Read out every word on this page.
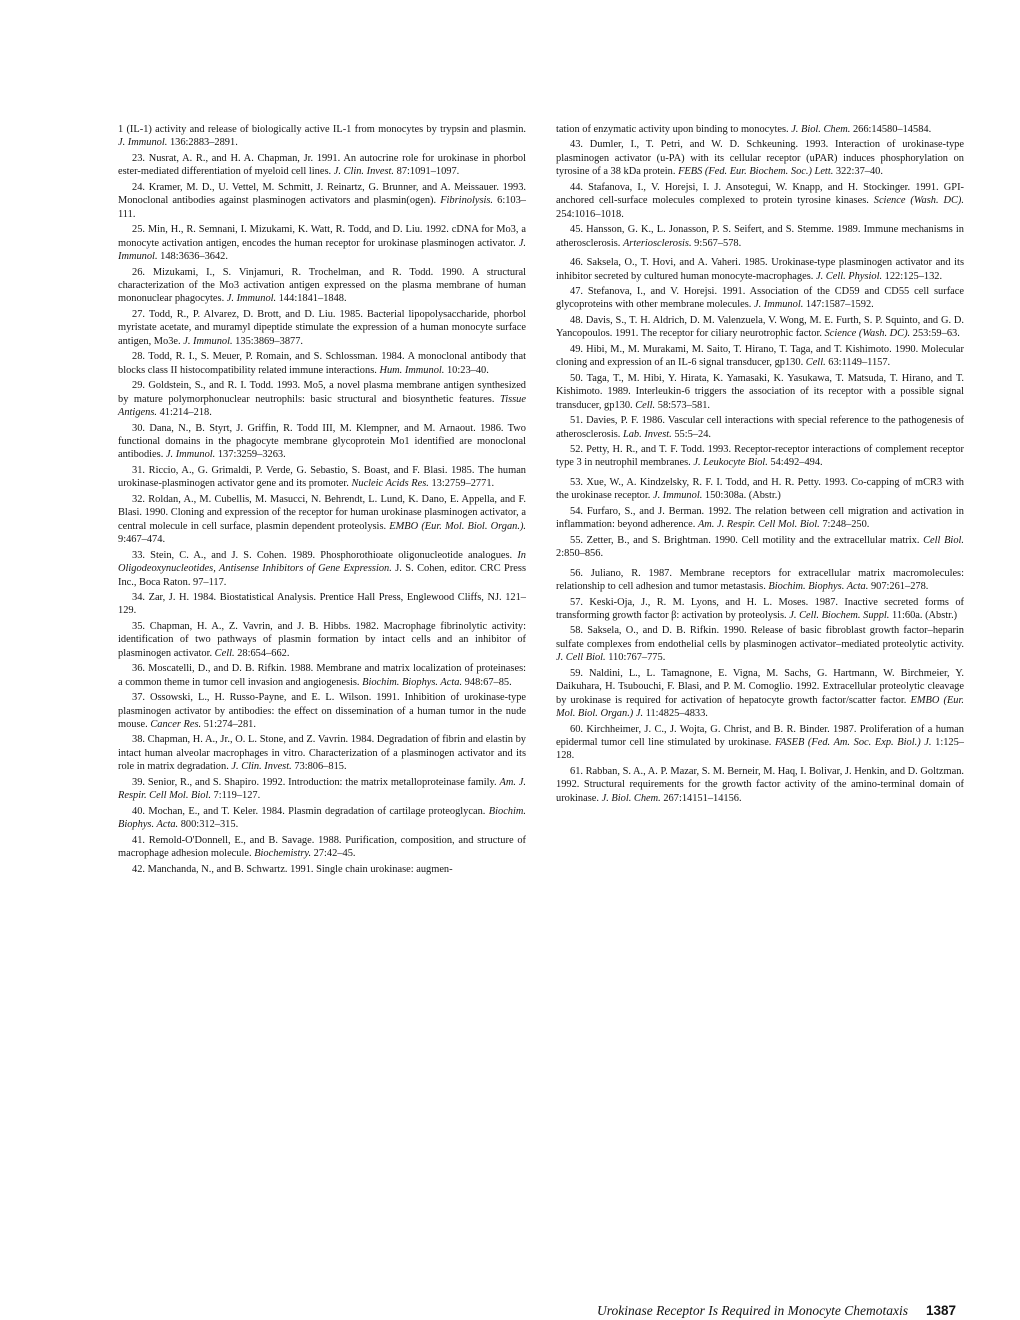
1 (IL-1) activity and release of biologically active IL-1 from monocytes by trypsin and plasmin. J. Immunol. 136:2883–2891.

23. Nusrat, A. R., and H. A. Chapman, Jr. 1991. An autocrine role for urokinase in phorbol ester-mediated differentiation of myeloid cell lines. J. Clin. Invest. 87:1091–1097.

24. Kramer, M. D., U. Vettel, M. Schmitt, J. Reinartz, G. Brunner, and A. Meissauer. 1993. Monoclonal antibodies against plasminogen activators and plasmin(ogen). Fibrinolysis. 6:103–111.

25. Min, H., R. Semnani, I. Mizukami, K. Watt, R. Todd, and D. Liu. 1992. cDNA for Mo3, a monocyte activation antigen, encodes the human receptor for urokinase plasminogen activator. J. Immunol. 148:3636–3642.

26. Mizukami, I., S. Vinjamuri, R. Trochelman, and R. Todd. 1990. A structural characterization of the Mo3 activation antigen expressed on the plasma membrane of human mononuclear phagocytes. J. Immunol. 144:1841–1848.

27. Todd, R., P. Alvarez, D. Brott, and D. Liu. 1985. Bacterial lipopolysaccharide, phorbol myristate acetate, and muramyl dipeptide stimulate the expression of a human monocyte surface antigen, Mo3e. J. Immunol. 135:3869–3877.

28. Todd, R. I., S. Meuer, P. Romain, and S. Schlossman. 1984. A monoclonal antibody that blocks class II histocompatibility related immune interactions. Hum. Immunol. 10:23–40.

29. Goldstein, S., and R. I. Todd. 1993. Mo5, a novel plasma membrane antigen synthesized by mature polymorphonuclear neutrophils: basic structural and biosynthetic features. Tissue Antigens. 41:214–218.

30. Dana, N., B. Styrt, J. Griffin, R. Todd III, M. Klempner, and M. Arnaout. 1986. Two functional domains in the phagocyte membrane glycoprotein Mo1 identified are monoclonal antibodies. J. Immunol. 137:3259–3263.

31. Riccio, A., G. Grimaldi, P. Verde, G. Sebastio, S. Boast, and F. Blasi. 1985. The human urokinase-plasminogen activator gene and its promoter. Nucleic Acids Res. 13:2759–2771.

32. Roldan, A., M. Cubellis, M. Masucci, N. Behrendt, L. Lund, K. Dano, E. Appella, and F. Blasi. 1990. Cloning and expression of the receptor for human urokinase plasminogen activator, a central molecule in cell surface, plasmin dependent proteolysis. EMBO (Eur. Mol. Biol. Organ.). 9:467–474.

33. Stein, C. A., and J. S. Cohen. 1989. Phosphorothioate oligonucleotide analogues. In Oligodeoxynucleotides, Antisense Inhibitors of Gene Expression. J. S. Cohen, editor. CRC Press Inc., Boca Raton. 97–117.

34. Zar, J. H. 1984. Biostatistical Analysis. Prentice Hall Press, Englewood Cliffs, NJ. 121–129.

35. Chapman, H. A., Z. Vavrin, and J. B. Hibbs. 1982. Macrophage fibrinolytic activity: identification of two pathways of plasmin formation by intact cells and an inhibitor of plasminogen activator. Cell. 28:654–662.

36. Moscatelli, D., and D. B. Rifkin. 1988. Membrane and matrix localization of proteinases: a common theme in tumor cell invasion and angiogenesis. Biochim. Biophys. Acta. 948:67–85.

37. Ossowski, L., H. Russo-Payne, and E. L. Wilson. 1991. Inhibition of urokinase-type plasminogen activator by antibodies: the effect on dissemination of a human tumor in the nude mouse. Cancer Res. 51:274–281.

38. Chapman, H. A., Jr., O. L. Stone, and Z. Vavrin. 1984. Degradation of fibrin and elastin by intact human alveolar macrophages in vitro. Characterization of a plasminogen activator and its role in matrix degradation. J. Clin. Invest. 73:806–815.

39. Senior, R., and S. Shapiro. 1992. Introduction: the matrix metalloproteinase family. Am. J. Respir. Cell Mol. Biol. 7:119–127.

40. Mochan, E., and T. Keler. 1984. Plasmin degradation of cartilage proteoglycan. Biochim. Biophys. Acta. 800:312–315.

41. Remold-O'Donnell, E., and B. Savage. 1988. Purification, composition, and structure of macrophage adhesion molecule. Biochemistry. 27:42–45.

42. Manchanda, N., and B. Schwartz. 1991. Single chain urokinase: augmen-

tation of enzymatic activity upon binding to monocytes. J. Biol. Chem. 266:14580–14584.

43. Dumler, I., T. Petri, and W. D. Schkeuning. 1993. Interaction of urokinase-type plasminogen activator (u-PA) with its cellular receptor (uPAR) induces phosphorylation on tyrosine of a 38 kDa protein. FEBS (Fed. Eur. Biochem. Soc.) Lett. 322:37–40.

44. Stafanova, I., V. Horejsi, I. J. Ansotegui, W. Knapp, and H. Stockinger. 1991. GPI-anchored cell-surface molecules complexed to protein tyrosine kinases. Science (Wash. DC). 254:1016–1018.

45. Hansson, G. K., L. Jonasson, P. S. Seifert, and S. Stemme. 1989. Immune mechanisms in atherosclerosis. Arteriosclerosis. 9:567–578.

46. Saksela, O., T. Hovi, and A. Vaheri. 1985. Urokinase-type plasminogen activator and its inhibitor secreted by cultured human monocyte-macrophages. J. Cell. Physiol. 122:125–132.

47. Stefanova, I., and V. Horejsi. 1991. Association of the CD59 and CD55 cell surface glycoproteins with other membrane molecules. J. Immunol. 147:1587–1592.

48. Davis, S., T. H. Aldrich, D. M. Valenzuela, V. Wong, M. E. Furth, S. P. Squinto, and G. D. Yancopoulos. 1991. The receptor for ciliary neurotrophic factor. Science (Wash. DC). 253:59–63.

49. Hibi, M., M. Murakami, M. Saito, T. Hirano, T. Taga, and T. Kishimoto. 1990. Molecular cloning and expression of an IL-6 signal transducer, gp130. Cell. 63:1149–1157.

50. Taga, T., M. Hibi, Y. Hirata, K. Yamasaki, K. Yasukawa, T. Matsuda, T. Hirano, and T. Kishimoto. 1989. Interleukin-6 triggers the association of its receptor with a possible signal transducer, gp130. Cell. 58:573–581.

51. Davies, P. F. 1986. Vascular cell interactions with special reference to the pathogenesis of atherosclerosis. Lab. Invest. 55:5–24.

52. Petty, H. R., and T. F. Todd. 1993. Receptor-receptor interactions of complement receptor type 3 in neutrophil membranes. J. Leukocyte Biol. 54:492–494.

53. Xue, W., A. Kindzelsky, R. F. I. Todd, and H. R. Petty. 1993. Co-capping of mCR3 with the urokinase receptor. J. Immunol. 150:308a. (Abstr.)

54. Furfaro, S., and J. Berman. 1992. The relation between cell migration and activation in inflammation: beyond adherence. Am. J. Respir. Cell Mol. Biol. 7:248–250.

55. Zetter, B., and S. Brightman. 1990. Cell motility and the extracellular matrix. Cell Biol. 2:850–856.

56. Juliano, R. 1987. Membrane receptors for extracellular matrix macromolecules: relationship to cell adhesion and tumor metastasis. Biochim. Biophys. Acta. 907:261–278.

57. Keski-Oja, J., R. M. Lyons, and H. L. Moses. 1987. Inactive secreted forms of transforming growth factor β: activation by proteolysis. J. Cell. Biochem. Suppl. 11:60a. (Abstr.)

58. Saksela, O., and D. B. Rifkin. 1990. Release of basic fibroblast growth factor–heparin sulfate complexes from endothelial cells by plasminogen activator–mediated proteolytic activity. J. Cell Biol. 110:767–775.

59. Naldini, L., L. Tamagnone, E. Vigna, M. Sachs, G. Hartmann, W. Birchmeier, Y. Daikuhara, H. Tsubouchi, F. Blasi, and P. M. Comoglio. 1992. Extracellular proteolytic cleavage by urokinase is required for activation of hepatocyte growth factor/scatter factor. EMBO (Eur. Mol. Biol. Organ.) J. 11:4825–4833.

60. Kirchheimer, J. C., J. Wojta, G. Christ, and B. R. Binder. 1987. Proliferation of a human epidermal tumor cell line stimulated by urokinase. FASEB (Fed. Am. Soc. Exp. Biol.) J. 1:125–128.

61. Rabban, S. A., A. P. Mazar, S. M. Berneir, M. Haq, I. Bolivar, J. Henkin, and D. Goltzman. 1992. Structural requirements for the growth factor activity of the amino-terminal domain of urokinase. J. Biol. Chem. 267:14151–14156.

Urokinase Receptor Is Required in Monocyte Chemotaxis 1387
